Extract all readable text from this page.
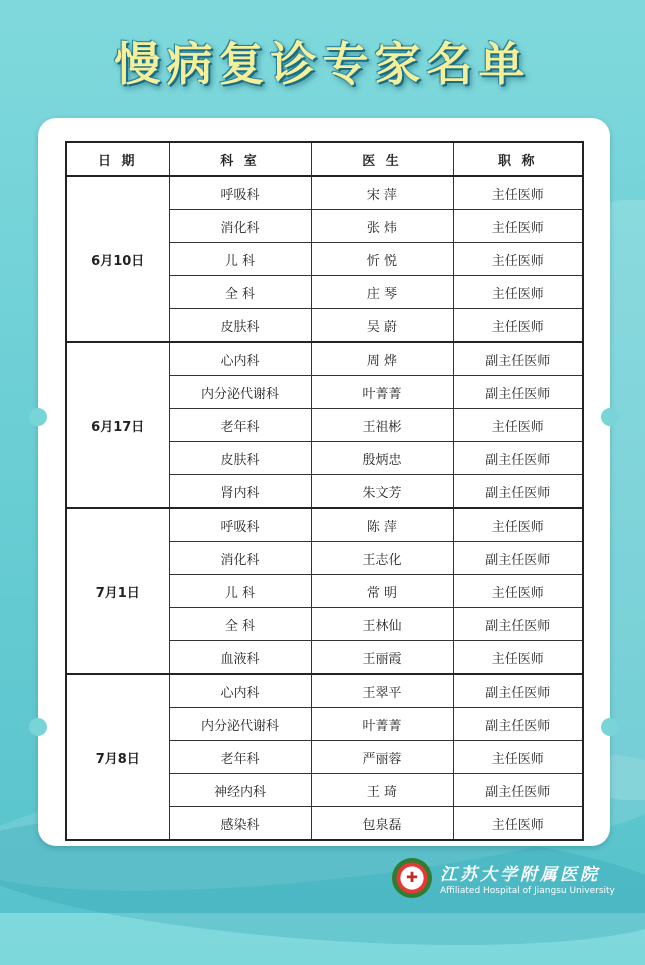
慢病复诊专家名单
日 期	科 室	医 生	职 称
6月10日	呼吸科	宋 萍	主任医师
	消化科	张 炜	主任医师
	儿 科	忻 悦	主任医师
	全 科	庄 琴	主任医师
	皮肤科	吴 蔚	主任医师
6月17日	心内科	周 烨	副主任医师
	内分泌代谢科	叶菁菁	副主任医师
	老年科	王祖彬	主任医师
	皮肤科	殷炳忠	副主任医师
	肾内科	朱文芳	副主任医师
7月1日	呼吸科	陈 萍	主任医师
	消化科	王志化	副主任医师
	儿 科	常 明	主任医师
	全 科	王林仙	副主任医师
	血液科	王丽霞	主任医师
7月8日	心内科	王翠平	副主任医师
	内分泌代谢科	叶菁菁	副主任医师
	老年科	严丽蓉	主任医师
	神经内科	王 琦	副主任医师
	感染科	包泉磊	主任医师
✚ 江苏大学附属医院
Affiliated Hospital of Jiangsu University
